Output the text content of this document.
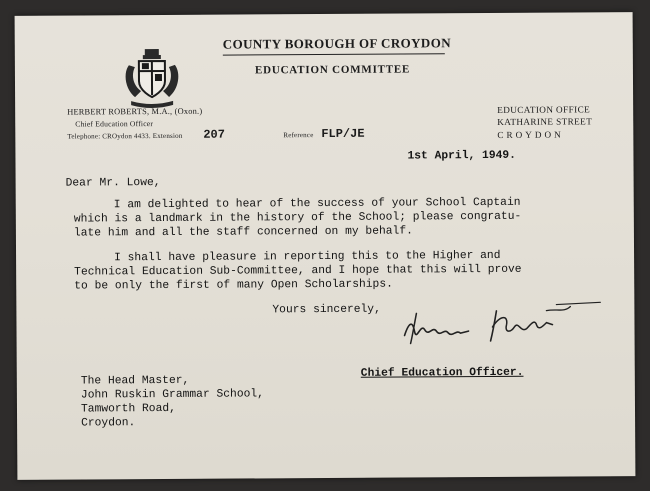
COUNTY BOROUGH OF CROYDON
EDUCATION COMMITTEE
HERBERT ROBERTS, M.A., (Oxon.)
Chief Education Officer
Telephone: CROydon 4433. Extension 207	Reference FLP/JE
EDUCATION OFFICE
KATHARINE STREET
CROYDON
1st April, 1949.
Dear Mr. Lowe,
I am delighted to hear of the success of your School Captain
which is a landmark in the history of the School; please congratu-
late him and all the staff concerned on my behalf.
I shall have pleasure in reporting this to the Higher and
Technical Education Sub-Committee, and I hope that this will prove
to be only the first of many Open Scholarships.
Yours sincerely,
Chief Education Officer.
The Head Master,
John Ruskin Grammar School,
Tamworth Road,
Croydon.
